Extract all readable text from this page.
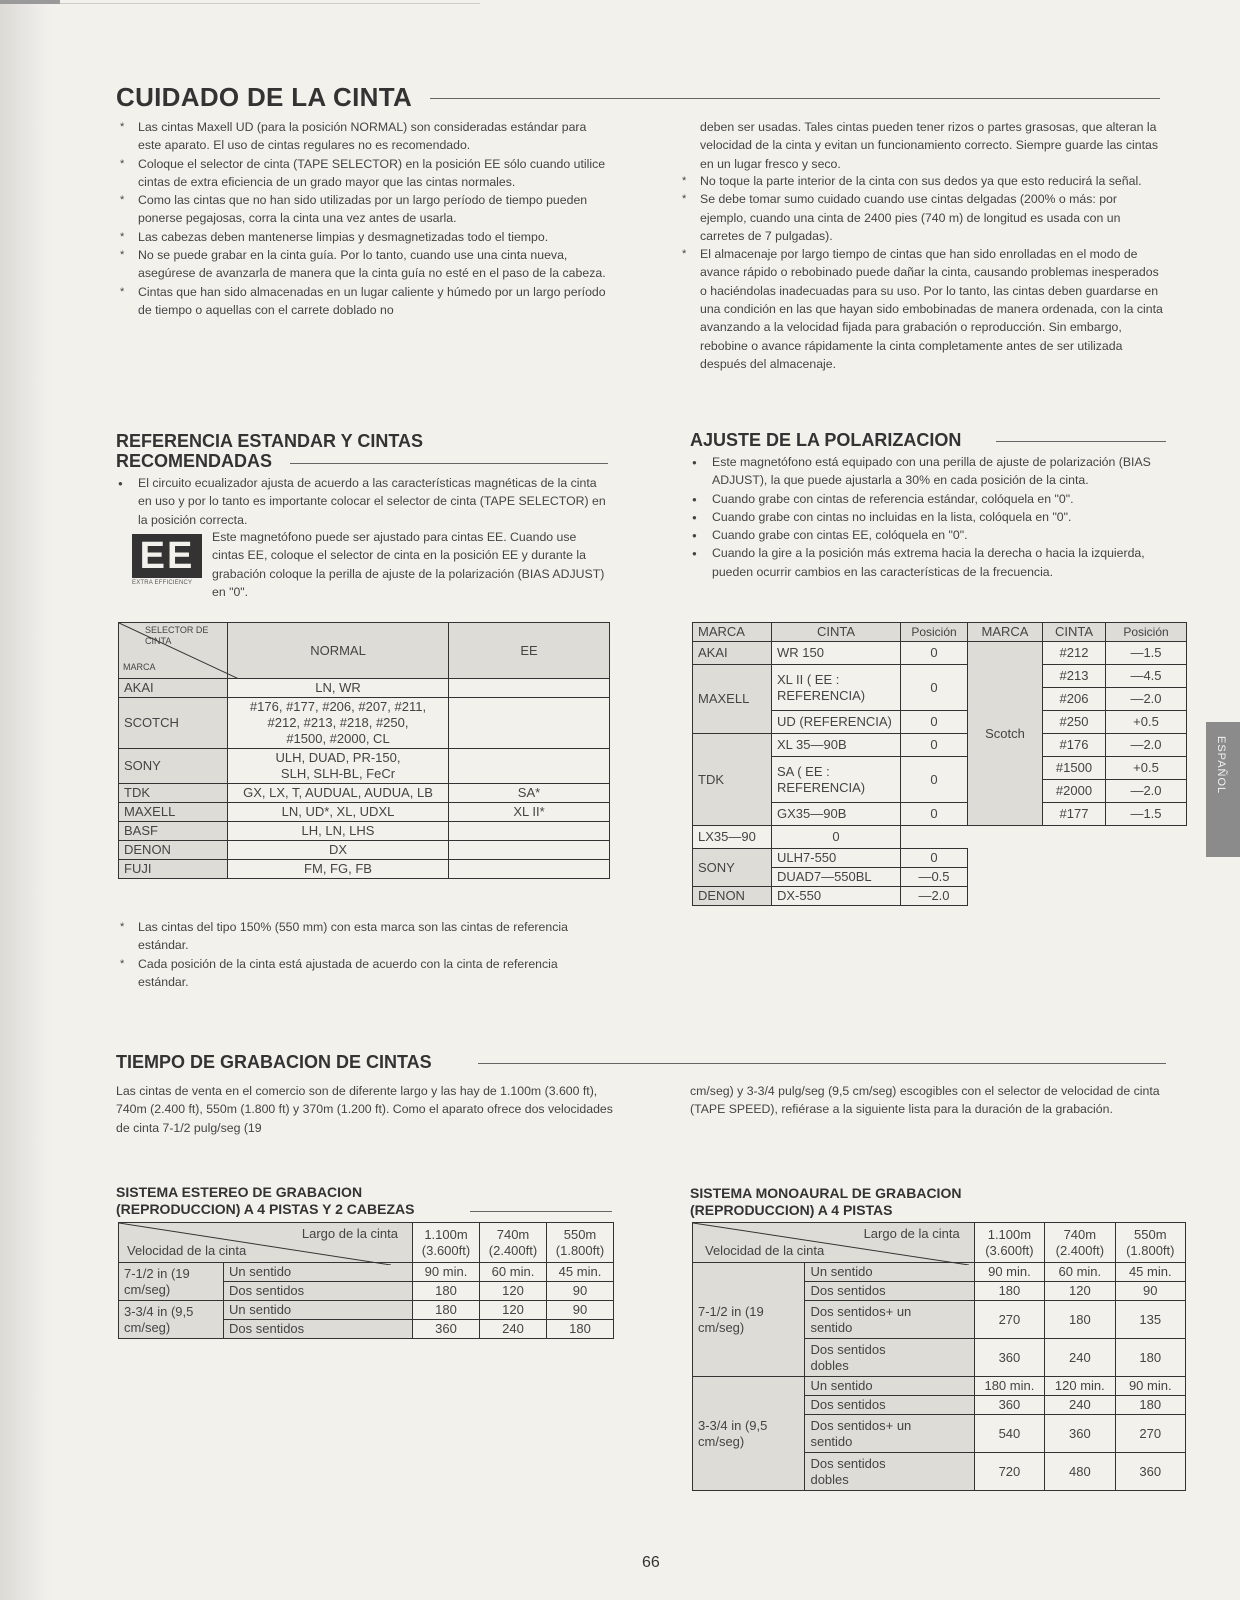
CUIDADO DE LA CINTA
* Las cintas Maxell UD (para la posición NORMAL) son consideradas estándar para este aparato. El uso de cintas regulares no es recomendado.
* Coloque el selector de cinta (TAPE SELECTOR) en la posición EE sólo cuando utilice cintas de extra eficiencia de un grado mayor que las cintas normales.
* Como las cintas que no han sido utilizadas por un largo período de tiempo pueden ponerse pegajosas, corra la cinta una vez antes de usarla.
* Las cabezas deben mantenerse limpias y desmagnetizadas todo el tiempo.
* No se puede grabar en la cinta guía. Por lo tanto, cuando use una cinta nueva, asegúrese de avanzarla de manera que la cinta guía no esté en el paso de la cabeza.
* Cintas que han sido almacenadas en un lugar caliente y húmedo por un largo período de tiempo o aquellas con el carrete doblado no
deben ser usadas. Tales cintas pueden tener rizos o partes grasosas, que alteran la velocidad de la cinta y evitan un funcionamiento correcto. Siempre guarde las cintas en un lugar fresco y seco.
* No toque la parte interior de la cinta con sus dedos ya que esto reducirá la señal.
* Se debe tomar sumo cuidado cuando use cintas delgadas (200% o más: por ejemplo, cuando una cinta de 2400 pies (740 m) de longitud es usada con un carretes de 7 pulgadas).
* El almacenaje por largo tiempo de cintas que han sido enrolladas en el modo de avance rápido o rebobinado puede dañar la cinta, causando problemas inesperados o haciéndolas inadecuadas para su uso. Por lo tanto, las cintas deben guardarse en una condición en las que hayan sido embobinadas de manera ordenada, con la cinta avanzando a la velocidad fijada para grabación o reproducción. Sin embargo, rebobine o avance rápidamente la cinta completamente antes de ser utilizada después del almacenaje.
REFERENCIA ESTANDAR Y CINTAS
RECOMENDADAS
● El circuito ecualizador ajusta de acuerdo a las características magnéticas de la cinta en uso y por lo tanto es importante colocar el selector de cinta (TAPE SELECTOR) en la posición correcta.
EE
EXTRA EFFICIENCY
Este magnetófono puede ser ajustado para cintas EE. Cuando use cintas EE, coloque el selector de cinta en la posición EE y durante la grabación coloque la perilla de ajuste de la polarización (BIAS ADJUST) en "0".
SELECTOR DE CINTA
MARCA	NORMAL	EE
AKAI	LN, WR	
SCOTCH	#176, #177, #206, #207, #211, #212, #213, #218, #250, #1500, #2000, CL	
SONY	ULH, DUAD, PR-150, SLH, SLH-BL, FeCr	
TDK	GX, LX, T, AUDUAL, AUDUA, LB	SA*
MAXELL	LN, UD*, XL, UDXL	XL II*
BASF	LH, LN, LHS	
DENON	DX	
FUJI	FM, FG, FB	
* Las cintas del tipo 150% (550 mm) con esta marca son las cintas de referencia estándar.
* Cada posición de la cinta está ajustada de acuerdo con la cinta de referencia estándar.
AJUSTE DE LA POLARIZACION
● Este magnetófono está equipado con una perilla de ajuste de polarización (BIAS ADJUST), la que puede ajustarla a 30% en cada posición de la cinta.
● Cuando grabe con cintas de referencia estándar, colóquela en "0".
● Cuando grabe con cintas no incluidas en la lista, colóquela en "0".
● Cuando grabe con cintas EE, colóquela en "0".
● Cuando la gire a la posición más extrema hacia la derecha o hacia la izquierda, pueden ocurrir cambios en las características de la frecuencia.
MARCA	CINTA	Posición	MARCA	CINTA	Posición
AKAI	WR 150	0	Scotch	#212	—1.5
MAXELL	XL II ( EE : REFERENCIA)	0		#213	—4.5
				#206	—2.0
	UD (REFERENCIA)	0		#250	+0.5
TDK	XL 35—90B	0		#176	—2.0
	SA ( EE : REFERENCIA)	0		#1500	+0.5
				#2000	—2.0
	GX35—90B	0		#177	—1.5
LX35—90	0				
SONY	ULH7-550	0			
	DUAD7—550BL	—0.5			
DENON	DX-550	—2.0			
TIEMPO DE GRABACION DE CINTAS
Las cintas de venta en el comercio son de diferente largo y las hay de 1.100m (3.600 ft), 740m (2.400 ft), 550m (1.800 ft) y 370m (1.200 ft). Como el aparato ofrece dos velocidades de cinta 7-1/2 pulg/seg (19
cm/seg) y 3-3/4 pulg/seg (9,5 cm/seg) escogibles con el selector de velocidad de cinta (TAPE SPEED), refiérase a la siguiente lista para la duración de la grabación.
SISTEMA ESTEREO DE GRABACION
(REPRODUCCION) A 4 PISTAS Y 2 CABEZAS
Largo de la cinta
Velocidad de la cinta		1.100m (3.600ft)	740m (2.400ft)	550m (1.800ft)
7-1/2 in (19 cm/seg)	Un sentido	90 min.	60 min.	45 min.
	Dos sentidos	180	120	90
3-3/4 in (9,5 cm/seg)	Un sentido	180	120	90
	Dos sentidos	360	240	180
SISTEMA MONOAURAL DE GRABACION
(REPRODUCCION) A 4 PISTAS
Largo de la cinta
Velocidad de la cinta		1.100m (3.600ft)	740m (2.400ft)	550m (1.800ft)
7-1/2 in (19 cm/seg)	Un sentido	90 min.	60 min.	45 min.
	Dos sentidos	180	120	90
	Dos sentidos+ un sentido	270	180	135
	Dos sentidos dobles	360	240	180
3-3/4 in (9,5 cm/seg)	Un sentido	180 min.	120 min.	90 min.
	Dos sentidos	360	240	180
	Dos sentidos+ un sentido	540	360	270
	Dos sentidos dobles	720	480	360
ESPAÑOL
66
